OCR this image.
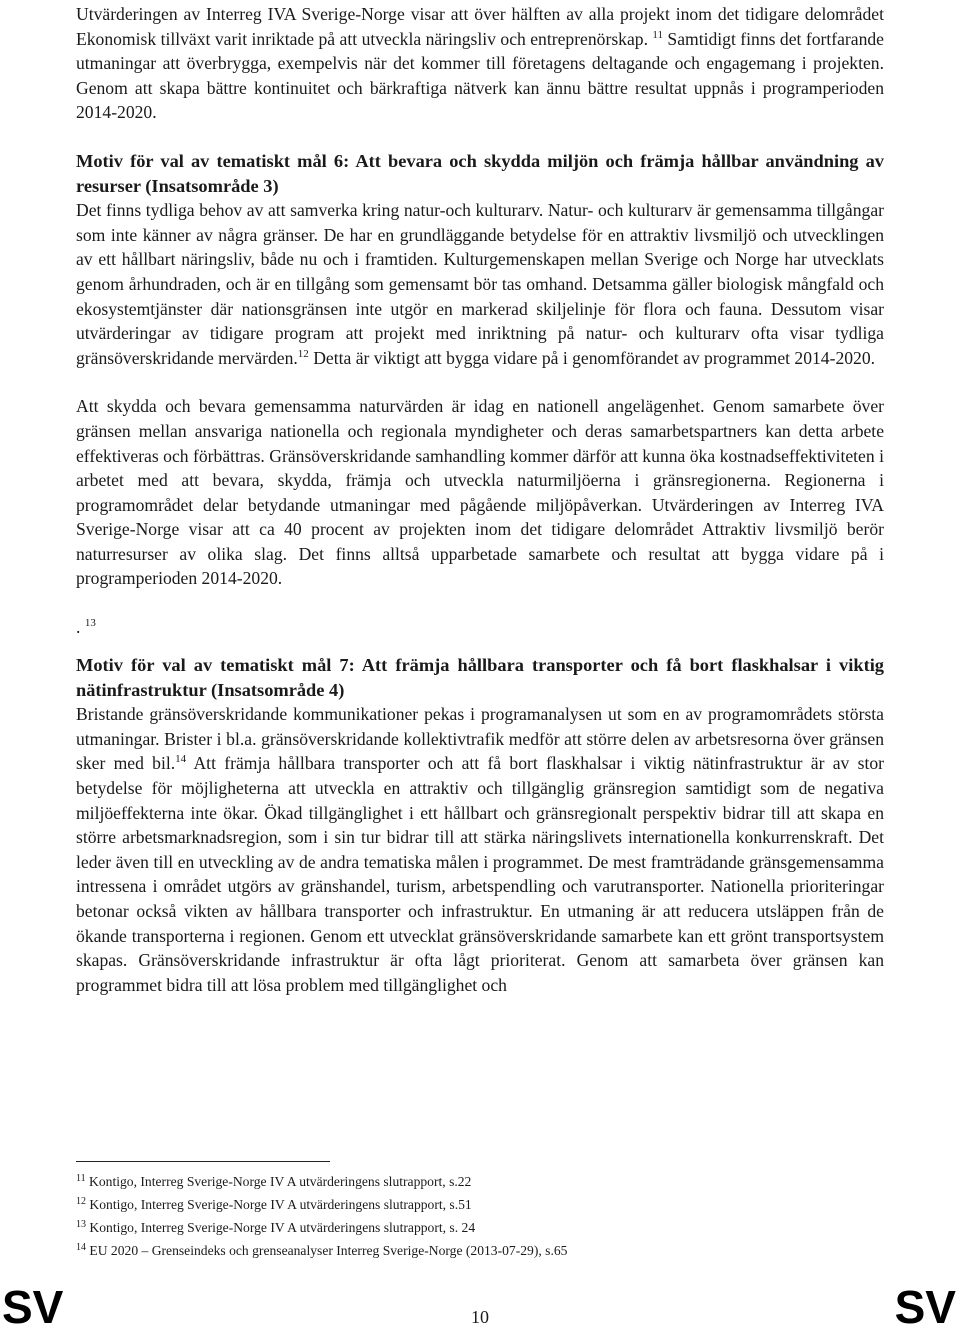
Utvärderingen av Interreg IVA Sverige-Norge visar att över hälften av alla projekt inom det tidigare delområdet Ekonomisk tillväxt varit inriktade på att utveckla näringsliv och entreprenörskap. $^{11}$ Samtidigt finns det fortfarande utmaningar att överbrygga, exempelvis när det kommer till företagens deltagande och engagemang i projekten. Genom att skapa bättre kontinuitet och bärkraftiga nätverk kan ännu bättre resultat uppnås i programperioden 2014-2020.

Motiv för val av tematiskt mål 6: Att bevara och skydda miljön och främja hållbar användning av resurser (Insatsområde 3)

Det finns tydliga behov av att samverka kring natur-och kulturarv. Natur- och kulturarv är gemensamma tillgångar som inte känner av några gränser. De har en grundläggande betydelse för en attraktiv livsmiljö och utvecklingen av ett hållbart näringsliv, både nu och i framtiden. Kulturgemenskapen mellan Sverige och Norge har utvecklats genom århundraden, och är en tillgång som gemensamt bör tas omhand. Detsamma gäller biologisk mångfald och ekosystemtjänster där nationsgränsen inte utgör en markerad skiljelinje för flora och fauna. Dessutom visar utvärderingar av tidigare program att projekt med inriktning på natur- och kulturarv ofta visar tydliga gränsöverskridande mervärden.$^{12}$ Detta är viktigt att bygga vidare på i genomförandet av programmet 2014-2020.

Att skydda och bevara gemensamma naturvärden är idag en nationell angelägenhet. Genom samarbete över gränsen mellan ansvariga nationella och regionala myndigheter och deras samarbetspartners kan detta arbete effektiveras och förbättras. Gränsöverskridande samhandling kommer därför att kunna öka kostnadseffektiviteten i arbetet med att bevara, skydda, främja och utveckla naturmiljöerna i gränsregionerna. Regionerna i programområdet delar betydande utmaningar med pågående miljöpåverkan. Utvärderingen av Interreg IVA Sverige-Norge visar att ca 40 procent av projekten inom det tidigare delområdet Attraktiv livsmiljö berör naturresurser av olika slag. Det finns alltså upparbetade samarbete och resultat att bygga vidare på i programperioden 2014-2020.

. $^{13}$

Motiv för val av tematiskt mål 7: Att främja hållbara transporter och få bort flaskhalsar i viktig nätinfrastruktur (Insatsområde 4)

Bristande gränsöverskridande kommunikationer pekas i programanalysen ut som en av programområdets största utmaningar. Brister i bl.a. gränsöverskridande kollektivtrafik medför att större delen av arbetsresorna över gränsen sker med bil.$^{14}$ Att främja hållbara transporter och att få bort flaskhalsar i viktig nätinfrastruktur är av stor betydelse för möjligheterna att utveckla en attraktiv och tillgänglig gränsregion samtidigt som de negativa miljöeffekterna inte ökar. Ökad tillgänglighet i ett hållbart och gränsregionalt perspektiv bidrar till att skapa en större arbetsmarknadsregion, som i sin tur bidrar till att stärka näringslivets internationella konkurrenskraft. Det leder även till en utveckling av de andra tematiska målen i programmet. De mest framträdande gränsgemensamma intressena i området utgörs av gränshandel, turism, arbetspendling och varutransporter. Nationella prioriteringar betonar också vikten av hållbara transporter och infrastruktur. En utmaning är att reducera utsläppen från de ökande transporterna i regionen. Genom ett utvecklat gränsöverskridande samarbete kan ett grönt transportsystem skapas. Gränsöverskridande infrastruktur är ofta lågt prioriterat. Genom att samarbeta över gränsen kan programmet bidra till att lösa problem med tillgänglighet och

$^{11}$ Kontigo, Interreg Sverige-Norge IV A utvärderingens slutrapport, s.22

$^{12}$ Kontigo, Interreg Sverige-Norge IV A utvärderingens slutrapport, s.51

$^{13}$ Kontigo, Interreg Sverige-Norge IV A utvärderingens slutrapport, s. 24

$^{14}$ EU 2020 – Grenseindeks och grenseanalyser Interreg Sverige-Norge (2013-07-29), s.65

SV	10	SV
